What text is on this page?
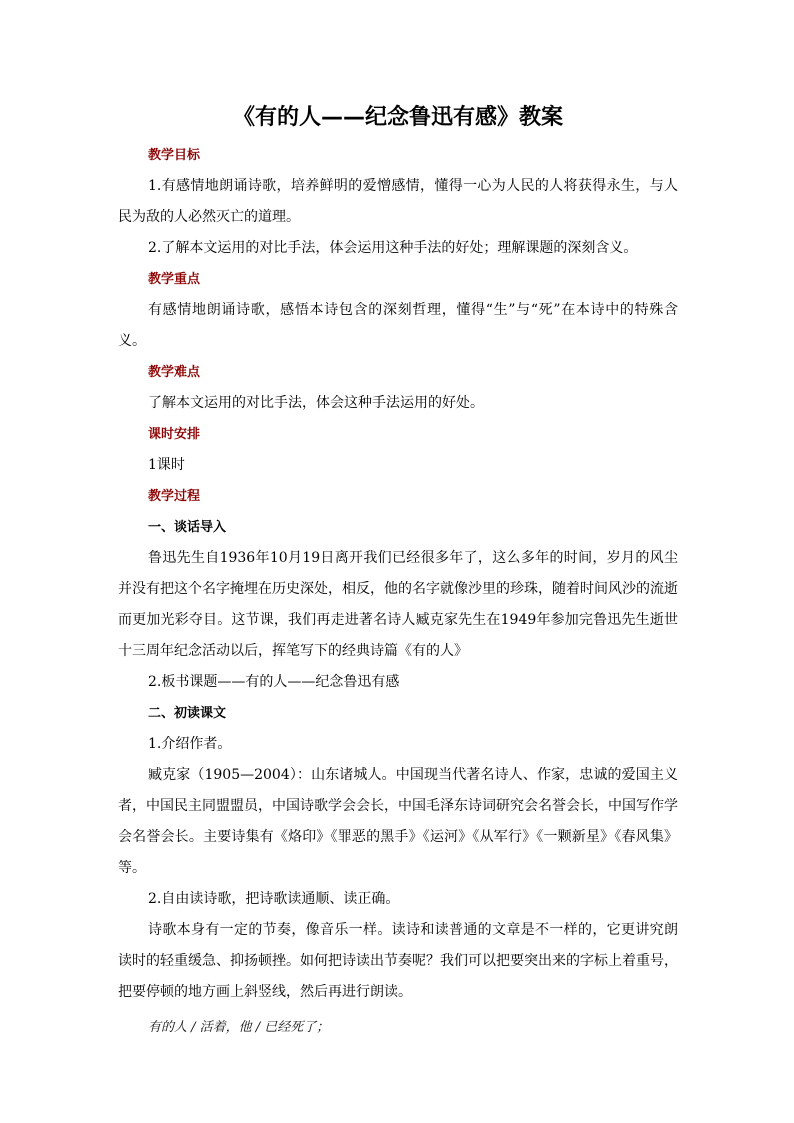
《有的人——纪念鲁迅有感》教案

教学目标

1.有感情地朗诵诗歌，培养鲜明的爱憎感情，懂得一心为人民的人将获得永生，与人民为敌的人必然灭亡的道理。

2.了解本文运用的对比手法，体会运用这种手法的好处；理解课题的深刻含义。

教学重点

有感情地朗诵诗歌，感悟本诗包含的深刻哲理，懂得“生”与“死”在本诗中的特殊含义。

教学难点

了解本文运用的对比手法，体会这种手法运用的好处。

课时安排

1课时

教学过程

一、谈话导入

鲁迅先生自1936年10月19日离开我们已经很多年了，这么多年的时间，岁月的风尘并没有把这个名字掩埋在历史深处，相反，他的名字就像沙里的珍珠，随着时间风沙的流逝而更加光彩夺目。这节课，我们再走进著名诗人臧克家先生在1949年参加完鲁迅先生逝世十三周年纪念活动以后，挥笔写下的经典诗篇《有的人》

2.板书课题——有的人——纪念鲁迅有感

二、初读课文

1.介绍作者。

臧克家（1905—2004）：山东诸城人。中国现当代著名诗人、作家，忠诚的爱国主义者，中国民主同盟盟员，中国诗歌学会会长，中国毛泽东诗词研究会名誉会长，中国写作学会名誉会长。主要诗集有《烙印》《罪恶的黑手》《运河》《从军行》《一颗新星》《春风集》等。

2.自由读诗歌，把诗歌读通顺、读正确。

诗歌本身有一定的节奏，像音乐一样。读诗和读普通的文章是不一样的，它更讲究朗读时的轻重缓急、抑扬顿挫。如何把诗读出节奏呢？我们可以把要突出来的字标上着重号，把要停顿的地方画上斜竖线，然后再进行朗读。

有的人 / 活着，他 / 已经死了；
